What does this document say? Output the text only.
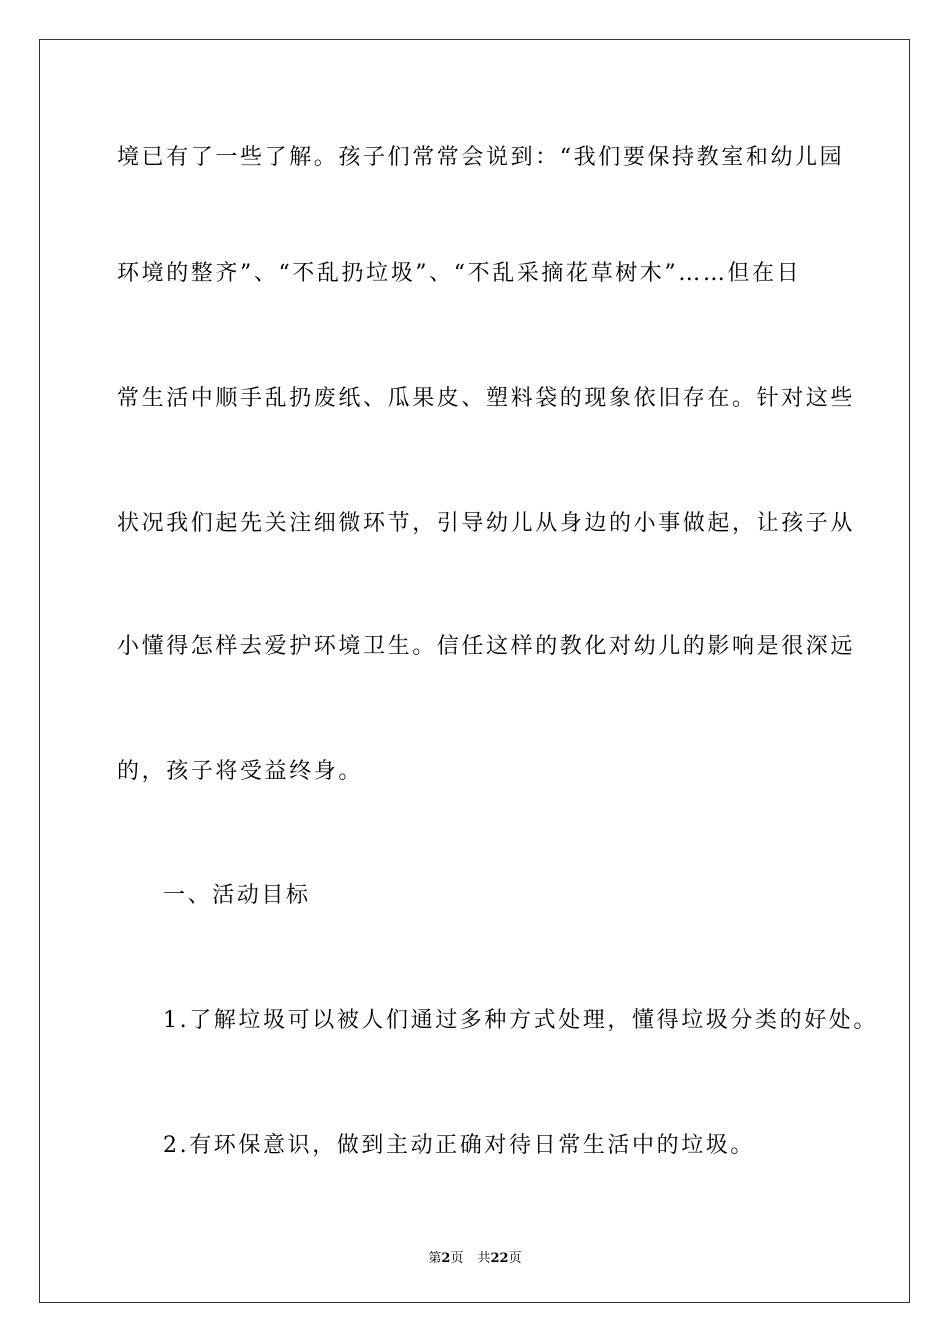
境已有了一些了解。孩子们常常会说到：“我们要保持教室和幼儿园
环境的整齐”、“不乱扔垃圾”、“不乱采摘花草树木”……但在日
常生活中顺手乱扔废纸、瓜果皮、塑料袋的现象依旧存在。针对这些
状况我们起先关注细微环节，引导幼儿从身边的小事做起，让孩子从
小懂得怎样去爱护环境卫生。信任这样的教化对幼儿的影响是很深远
的，孩子将受益终身。
一、活动目标
1.了解垃圾可以被人们通过多种方式处理，懂得垃圾分类的好处。
2.有环保意识，做到主动正确对待日常生活中的垃圾。
第2页 共22页
